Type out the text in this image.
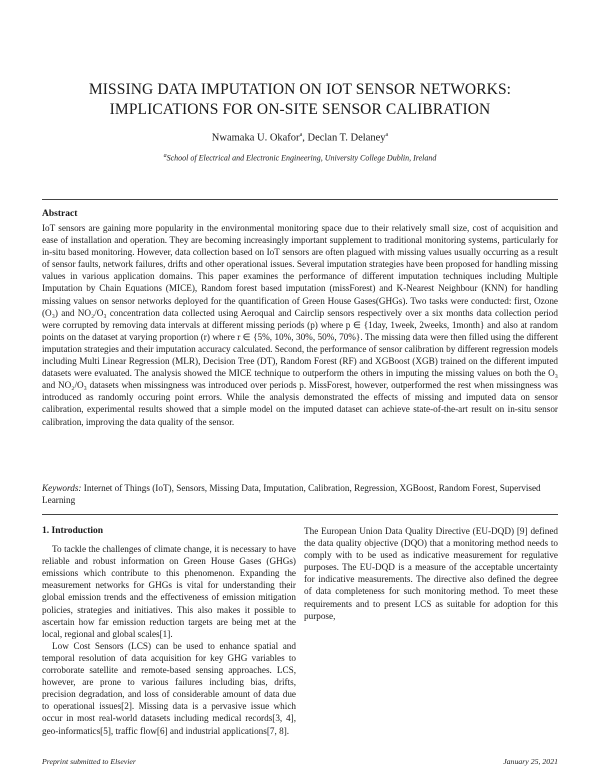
MISSING DATA IMPUTATION ON IOT SENSOR NETWORKS:
IMPLICATIONS FOR ON-SITE SENSOR CALIBRATION
Nwamaka U. Okafor$^a$, Declan T. Delaney$^a$
$^a$School of Electrical and Electronic Engineering, University College Dublin, Ireland
Abstract

IoT sensors are gaining more popularity in the environmental monitoring space due to their relatively small size, cost of acquisition and ease of installation and operation. They are becoming increasingly important supplement to traditional monitoring systems, particularly for in-situ based monitoring. However, data collection based on IoT sensors are often plagued with missing values usually occurring as a result of sensor faults, network failures, drifts and other operational issues. Several imputation strategies have been proposed for handling missing values in various application domains. This paper examines the performance of different imputation techniques including Multiple Imputation by Chain Equations (MICE), Random forest based imputation (missForest) and K-Nearest Neighbour (KNN) for handling missing values on sensor networks deployed for the quantification of Green House Gases(GHGs). Two tasks were conducted: first, Ozone (O₃) and NO₂/O₃ concentration data collected using Aeroqual and Cairclip sensors respectively over a six months data collection period were corrupted by removing data intervals at different missing periods (p) where p ∈ {1day, 1week, 2weeks, 1month} and also at random points on the dataset at varying proportion (r) where r ∈ {5%, 10%, 30%, 50%, 70%}. The missing data were then filled using the different imputation strategies and their imputation accuracy calculated. Second, the performance of sensor calibration by different regression models including Multi Linear Regression (MLR), Decision Tree (DT), Random Forest (RF) and XGBoost (XGB) trained on the different imputed datasets were evaluated. The analysis showed the MICE technique to outperform the others in imputing the missing values on both the O₃ and NO₂/O₃ datasets when missingness was introduced over periods p. MissForest, however, outperformed the rest when missingness was introduced as randomly occuring point errors. While the analysis demonstrated the effects of missing and imputed data on sensor calibration, experimental results showed that a simple model on the imputed dataset can achieve state-of-the-art result on in-situ sensor calibration, improving the data quality of the sensor.

Keywords: Internet of Things (IoT), Sensors, Missing Data, Imputation, Calibration, Regression, XGBoost, Random Forest, Supervised Learning

1. Introduction

To tackle the challenges of climate change, it is necessary to have reliable and robust information on Green House Gases (GHGs) emissions which contribute to this phenomenon. Expanding the measurement networks for GHGs is vital for understanding their global emission trends and the effectiveness of emission mitigation policies, strategies and initiatives. This also makes it possible to ascertain how far emission reduction targets are being met at the local, regional and global scales[1].

Low Cost Sensors (LCS) can be used to enhance spatial and temporal resolution of data acquisition for key GHG variables to corroborate satellite and remote-based sensing approaches. LCS, however, are prone to various failures including bias, drifts, precision degradation, and loss of considerable amount of data due to operational issues[2]. Missing data is a pervasive issue which occur in most real-world datasets including medical records[3, 4], geo-informatics[5], traffic flow[6] and industrial applications[7, 8].

The European Union Data Quality Directive (EU-DQD) [9] defined the data quality objective (DQO) that a monitoring method needs to comply with to be used as indicative measurement for regulative purposes. The EU-DQD is a measure of the acceptable uncertainty for indicative measurements. The directive also defined the degree of data completeness for such monitoring method. To meet these requirements and to present LCS as suitable for adoption for this purpose,

Preprint submitted to Elsevier	January 25, 2021
